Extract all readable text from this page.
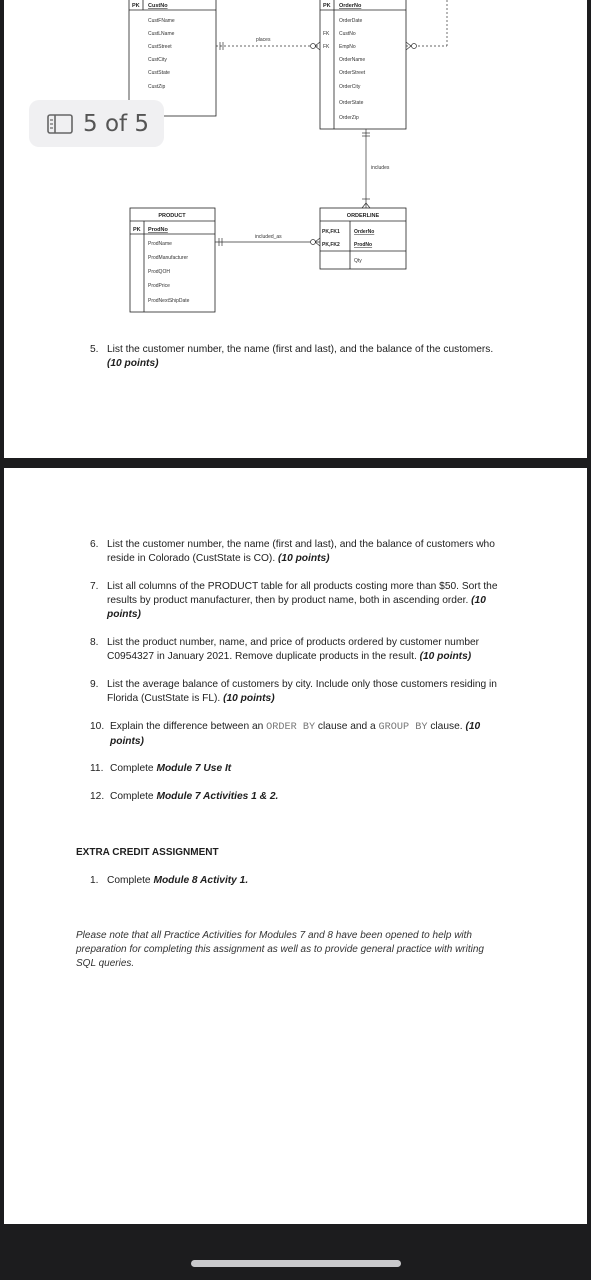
PK CustNo
CustFName
CustLName
CustStreet
CustCity
CustState
CustZip
places
PK OrderNo
FK
FK
OrderDate
CustNo
EmpNo
OrderName
OrderStreet
OrderCity
OrderState
OrderZip
includes
PRODUCT
PK ProdNo
ProdName
ProdManufacturer
ProdQOH
ProdPrice
ProdNextShipDate
included_as
ORDERLINE
PK,FK1
PK,FK2
OrderNo
ProdNo
Qty
5. List the customer number, the name (first and last), and the balance of the customers.
(10 points)
5 of 5
6. List the customer number, the name (first and last), and the balance of customers who
reside in Colorado (CustState is CO). (10 points)
7. List all columns of the PRODUCT table for all products costing more than $50. Sort the
results by product manufacturer, then by product name, both in ascending order. (10
points)
8. List the product number, name, and price of products ordered by customer number
C0954327 in January 2021. Remove duplicate products in the result. (10 points)
9. List the average balance of customers by city. Include only those customers residing in
Florida (CustState is FL). (10 points)
10. Explain the difference between an ORDER BY clause and a GROUP BY clause. (10
points)
11. Complete Module 7 Use It
12. Complete Module 7 Activities 1 & 2.
EXTRA CREDIT ASSIGNMENT
1. Complete Module 8 Activity 1.
Please note that all Practice Activities for Modules 7 and 8 have been opened to help with
preparation for completing this assignment as well as to provide general practice with writing
SQL queries.
